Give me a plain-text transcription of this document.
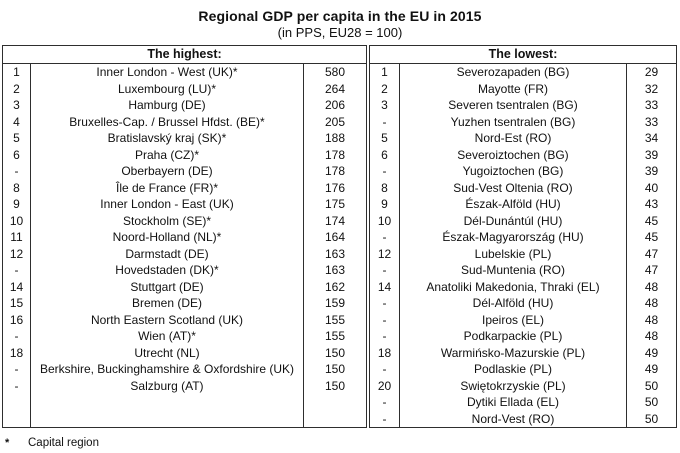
Regional GDP per capita in the EU in 2015
(in PPS, EU28 = 100)
The highest:
1
2
3
4
5
6
-
8
9
10
11
12
-
14
15
16
-
18
-
-
Inner London - West (UK)*
Luxembourg (LU)*
Hamburg (DE)
Bruxelles-Cap. / Brussel Hfdst. (BE)*
Bratislavský kraj (SK)*
Praha (CZ)*
Oberbayern (DE)
Île de France (FR)*
Inner London - East (UK)
Stockholm (SE)*
Noord-Holland (NL)*
Darmstadt (DE)
Hovedstaden (DK)*
Stuttgart (DE)
Bremen (DE)
North Eastern Scotland (UK)
Wien (AT)*
Utrecht (NL)
Berkshire, Buckinghamshire & Oxfordshire (UK)
Salzburg (AT)
580
264
206
205
188
178
178
176
175
174
164
163
163
162
159
155
155
150
150
150
The lowest:
1
2
3
-
5
6
-
8
9
10
-
12
-
14
-
-
-
18
-
20
-
-
Severozapaden (BG)
Mayotte (FR)
Severen tsentralen (BG)
Yuzhen tsentralen (BG)
Nord-Est (RO)
Severoiztochen (BG)
Yugoiztochen (BG)
Sud-Vest Oltenia (RO)
Észak-Alföld (HU)
Dél-Dunántúl (HU)
Észak-Magyarország (HU)
Lubelskie (PL)
Sud-Muntenia (RO)
Anatoliki Makedonia, Thraki (EL)
Dél-Alföld (HU)
Ipeiros (EL)
Podkarpackie (PL)
Warmińsko-Mazurskie (PL)
Podlaskie (PL)
Swiętokrzyskie (PL)
Dytiki Ellada (EL)
Nord-Vest (RO)
29
32
33
33
34
39
39
40
43
45
45
47
47
48
48
48
48
49
49
50
50
50
*	Capital region
